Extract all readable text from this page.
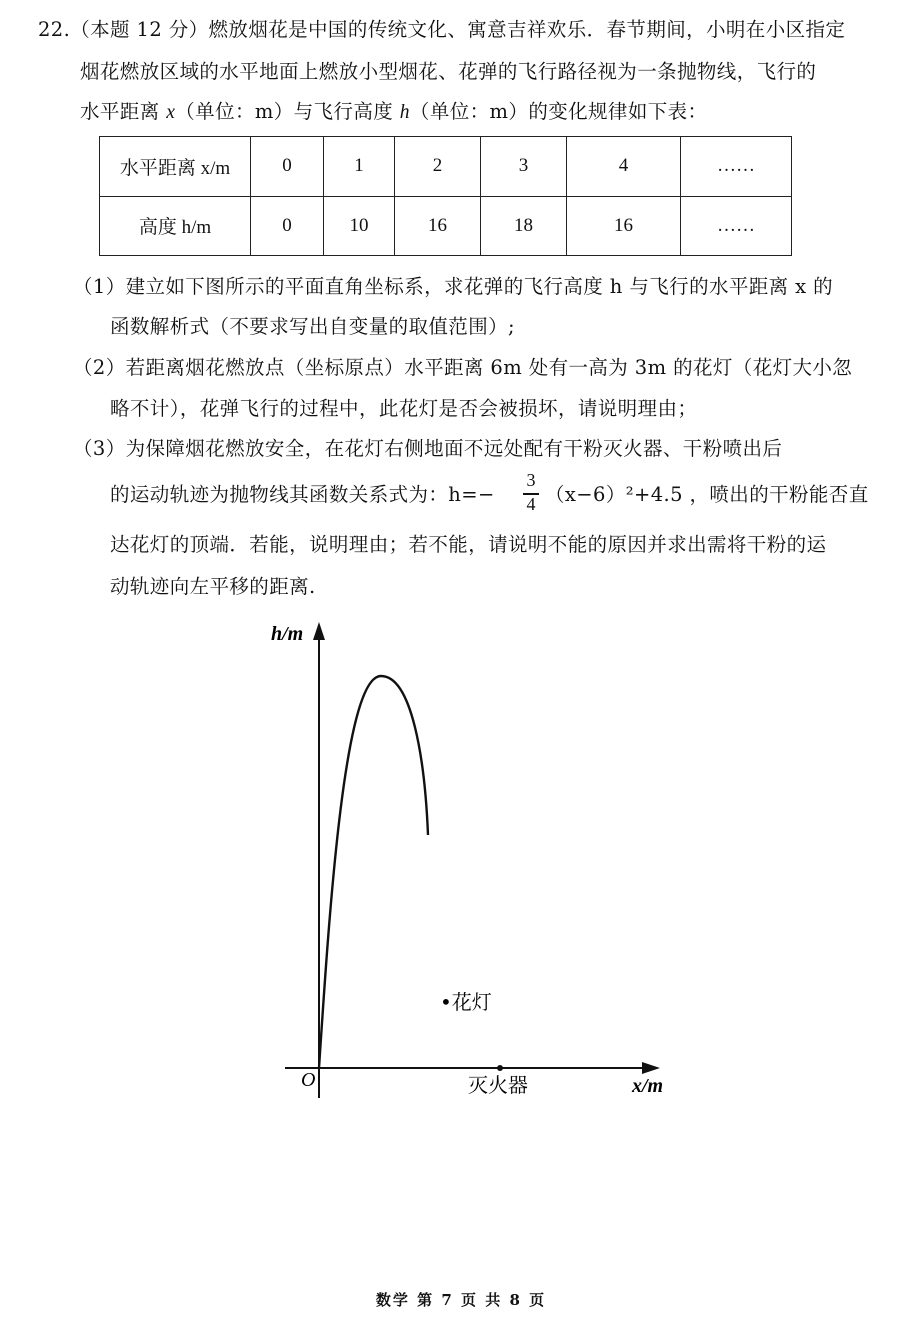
22.（本题 12 分）燃放烟花是中国的传统文化、寓意吉祥欢乐．春节期间，小明在小区指定
烟花燃放区域的水平地面上燃放小型烟花、花弹的飞行路径视为一条抛物线，飞行的
水平距离 x（单位：m）与飞行高度 h（单位：m）的变化规律如下表：
水平距离 x/m	0	1	2	3	4	……
高度 h/m	0	10	16	18	16	……
（1）建立如下图所示的平面直角坐标系，求花弹的飞行高度 h 与飞行的水平距离 x 的
函数解析式（不要求写出自变量的取值范围）;
（2）若距离烟花燃放点（坐标原点）水平距离 6m 处有一高为 3m 的花灯（花灯大小忽
略不计），花弹飞行的过程中，此花灯是否会被损坏，请说明理由；
（3）为保障烟花燃放安全，在花灯右侧地面不远处配有干粉灭火器、干粉喷出后
的运动轨迹为抛物线其函数关系式为：h=−
3
4 （x−6）²+4.5 ，喷出的干粉能否直
达花灯的顶端．若能，说明理由；若不能，请说明不能的原因并求出需将干粉的运
动轨迹向左平移的距离.
h/m
x/m
O
•花灯
灭火器
数学 第 7 页 共 8 页
